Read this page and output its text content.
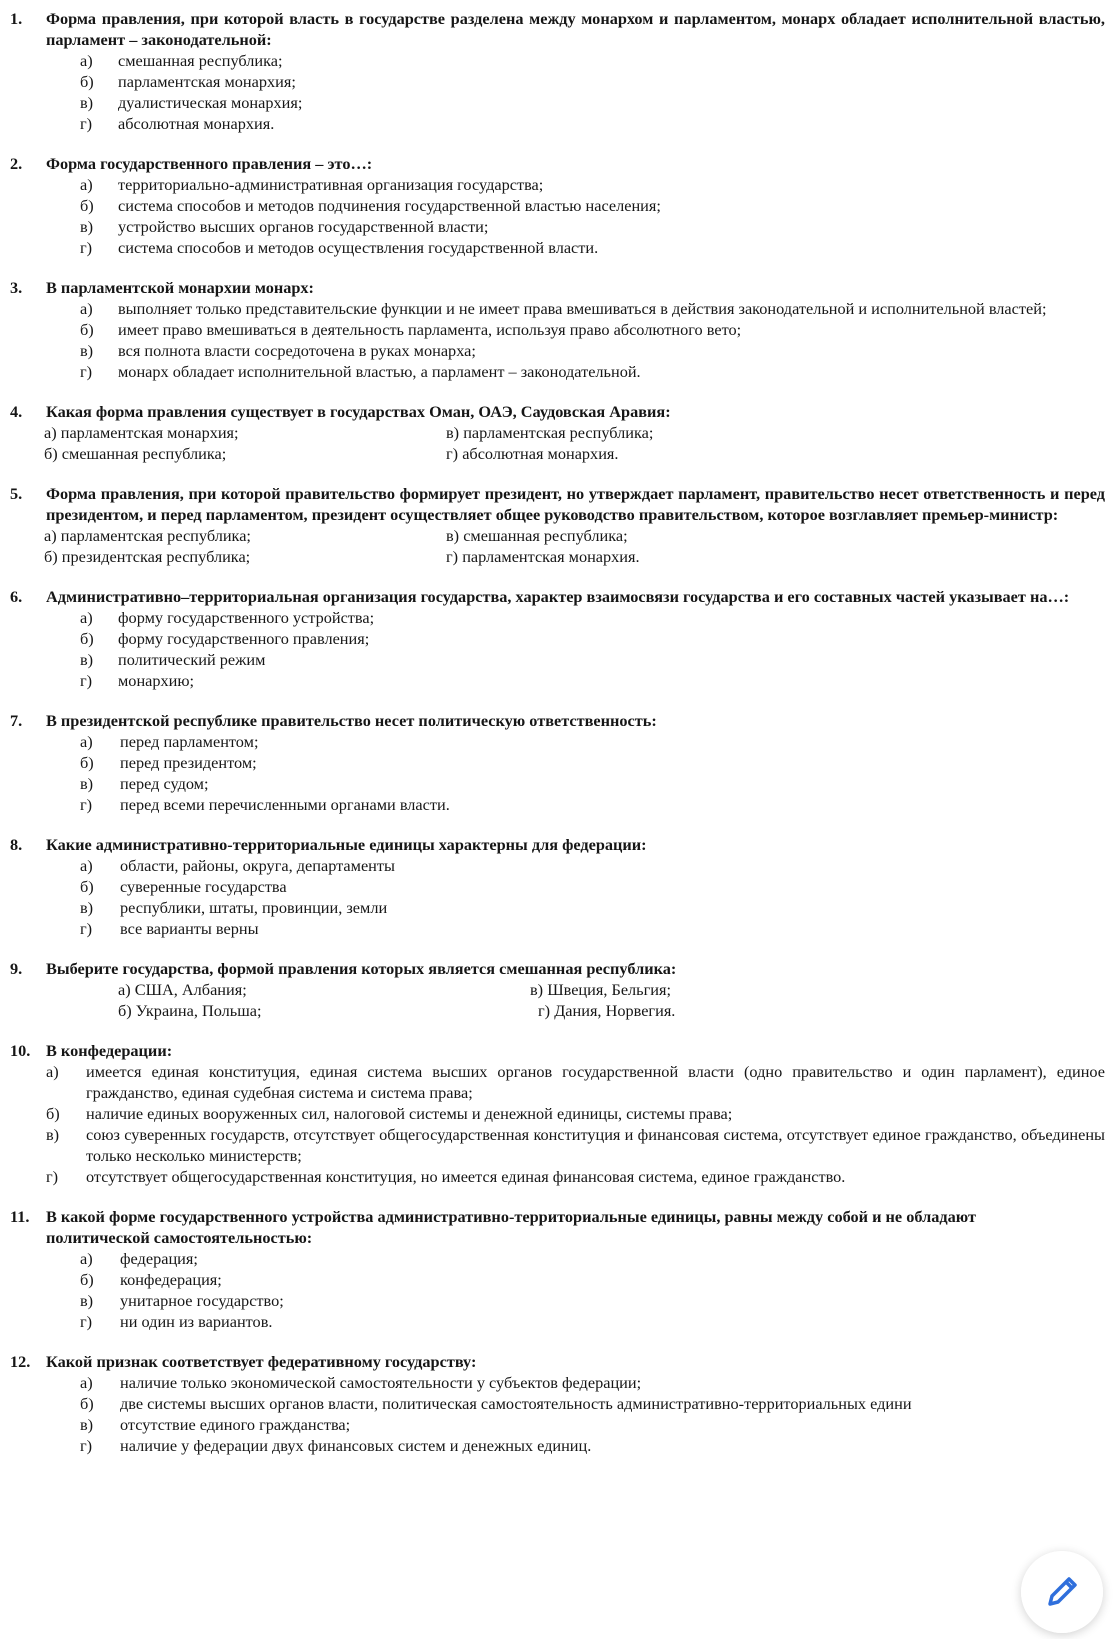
1. Форма правления, при которой власть в государстве разделена между монархом и парламентом, монарх обладает исполнительной властью, парламент – законодательной:
а) смешанная республика;
б) парламентская монархия;
в) дуалистическая монархия;
г) абсолютная монархия.
2. Форма государственного правления – это…:
а) территориально-административная организация государства;
б) система способов и методов подчинения государственной властью населения;
в) устройство высших органов государственной власти;
г) система способов и методов осуществления государственной власти.
3. В парламентской монархии монарх:
а) выполняет только представительские функции и не имеет права вмешиваться в действия законодательной и исполнительной властей;
б) имеет право вмешиваться в деятельность парламента, используя право абсолютного вето;
в) вся полнота власти сосредоточена в руках монарха;
г) монарх обладает исполнительной властью, а парламент – законодательной.
4. Какая форма правления существует в государствах Оман, ОАЭ, Саудовская Аравия:
а) парламентская монархия;
б) смешанная республика;
в) парламентская республика;
г) абсолютная монархия.
5. Форма правления, при которой правительство формирует президент, но утверждает парламент, правительство несет ответственность и перед президентом, и перед парламентом, президент осуществляет общее руководство правительством, которое возглавляет премьер-министр:
а) парламентская республика;
б) президентская республика;
в) смешанная республика;
г) парламентская монархия.
6. Административно–территориальная организация государства, характер взаимосвязи государства и его составных частей указывает на…:
а) форму государственного устройства;
б) форму государственного правления;
в) политический режим
г) монархию;
7. В президентской республике правительство несет политическую ответственность:
а) перед парламентом;
б) перед президентом;
в) перед судом;
г) перед всеми перечисленными органами власти.
8. Какие административно-территориальные единицы характерны для федерации:
а) области, районы, округа, департаменты
б) суверенные государства
в) республики, штаты, провинции, земли
г) все варианты верны
9. Выберите государства, формой правления которых является смешанная республика:
а) США, Албания;
б) Украина, Польша;
в) Швеция, Бельгия;
г) Дания, Норвегия.
10. В конфедерации:
а) имеется единая конституция, единая система высших органов государственной власти (одно правительство и один парламент), единое гражданство, единая судебная система и система права;
б) наличие единых вооруженных сил, налоговой системы и денежной единицы, системы права;
в) союз суверенных государств, отсутствует общегосударственная конституция и финансовая система, отсутствует единое гражданство, объединены только несколько министерств;
г) отсутствует общегосударственная конституция, но имеется единая финансовая система, единое гражданство.
11. В какой форме государственного устройства административно-территориальные единицы, равны между собой и не обладают политической самостоятельностью:
а) федерация;
б) конфедерация;
в) унитарное государство;
г) ни один из вариантов.
12. Какой признак соответствует федеративному государству:
а) наличие только экономической самостоятельности у субъектов федерации;
б) две системы высших органов власти, политическая самостоятельность административно-территориальных едини
в) отсутствие единого гражданства;
г) наличие у федерации двух финансовых систем и денежных единиц.
